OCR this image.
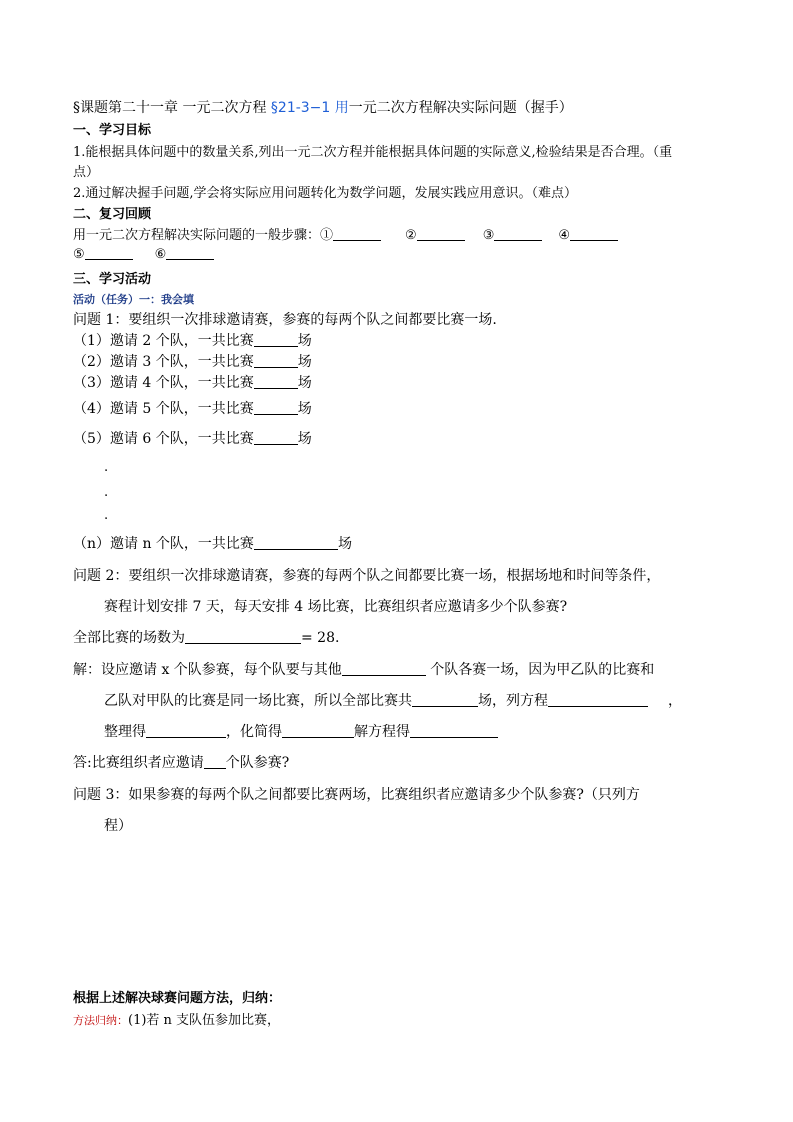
§课题第二十一章 一元二次方程 §21-3−1 用一元二次方程解决实际问题（握手）
一、学习目标
1.能根据具体问题中的数量关系,列出一元二次方程并能根据具体问题的实际意义,检验结果是否合理。（重
点）
2.通过解决握手问题,学会将实际应用问题转化为数学问题，发展实践应用意识。（难点）
二、复习回顾
用一元二次方程解决实际问题的一般步骤：①	②	③	④
⑤	⑥
三、学习活动
活动（任务）一：我会填
问题 1：要组织一次排球邀请赛，参赛的每两个队之间都要比赛一场.
（1）邀请 2 个队，一共比赛	场
（2）邀请 3 个队，一共比赛	场
（3）邀请 4 个队，一共比赛	场
（4）邀请 5 个队，一共比赛	场
（5）邀请 6 个队，一共比赛	场
.
.
.
（n）邀请 n 个队，一共比赛	场
问题 2：要组织一次排球邀请赛，参赛的每两个队之间都要比赛一场，根据场地和时间等条件，
赛程计划安排 7 天，每天安排 4 场比赛，比赛组织者应邀请多少个队参赛?
全部比赛的场数为	= 28.
解：设应邀请 x 个队参赛，每个队要与其他	个队各赛一场，因为甲乙队的比赛和
乙队对甲队的比赛是同一场比赛，所以全部比赛共	场，列方程	，
整理得	，化简得	解方程得
答:比赛组织者应邀请 个队参赛?
问题 3：如果参赛的每两个队之间都要比赛两场，比赛组织者应邀请多少个队参赛?（只列方
程）
根据上述解决球赛问题方法，归纳：
方法归纳：(1)若 n 支队伍参加比赛，
